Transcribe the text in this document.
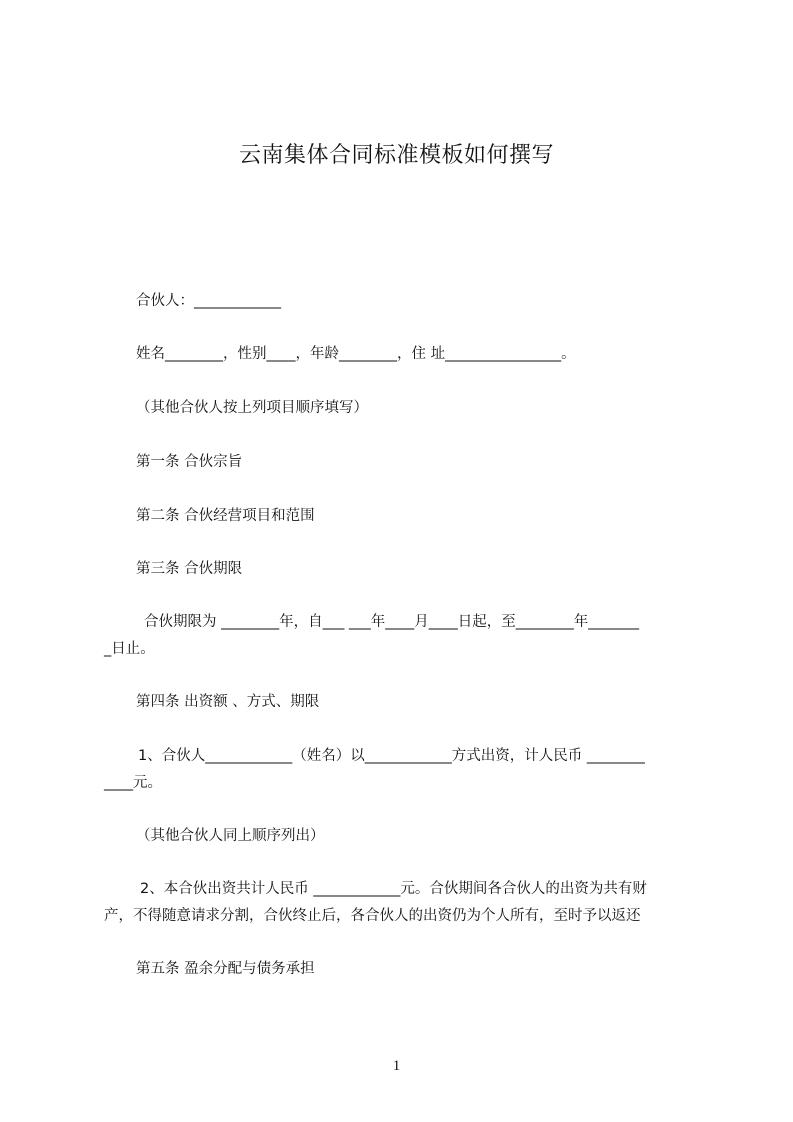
云南集体合同标准模板如何撰写
合伙人：____________
姓名________，性别____，年龄________，住 址________________。
（其他合伙人按上列项目顺序填写）
第一条 合伙宗旨
第二条 合伙经营项目和范围
第三条 合伙期限
合伙期限为 ________年，自___ ___年____月____日起，至________年_______
_日止。
第四条 出资额 、方式、期限
1、合伙人____________（姓名）以____________方式出资，计人民币 ________
____元。
（其他合伙人同上顺序列出）
2、本合伙出资共计人民币 ____________元。合伙期间各合伙人的出资为共有财
产，不得随意请求分割，合伙终止后，各合伙人的出资仍为个人所有，至时予以返还
第五条 盈余分配与债务承担
1
